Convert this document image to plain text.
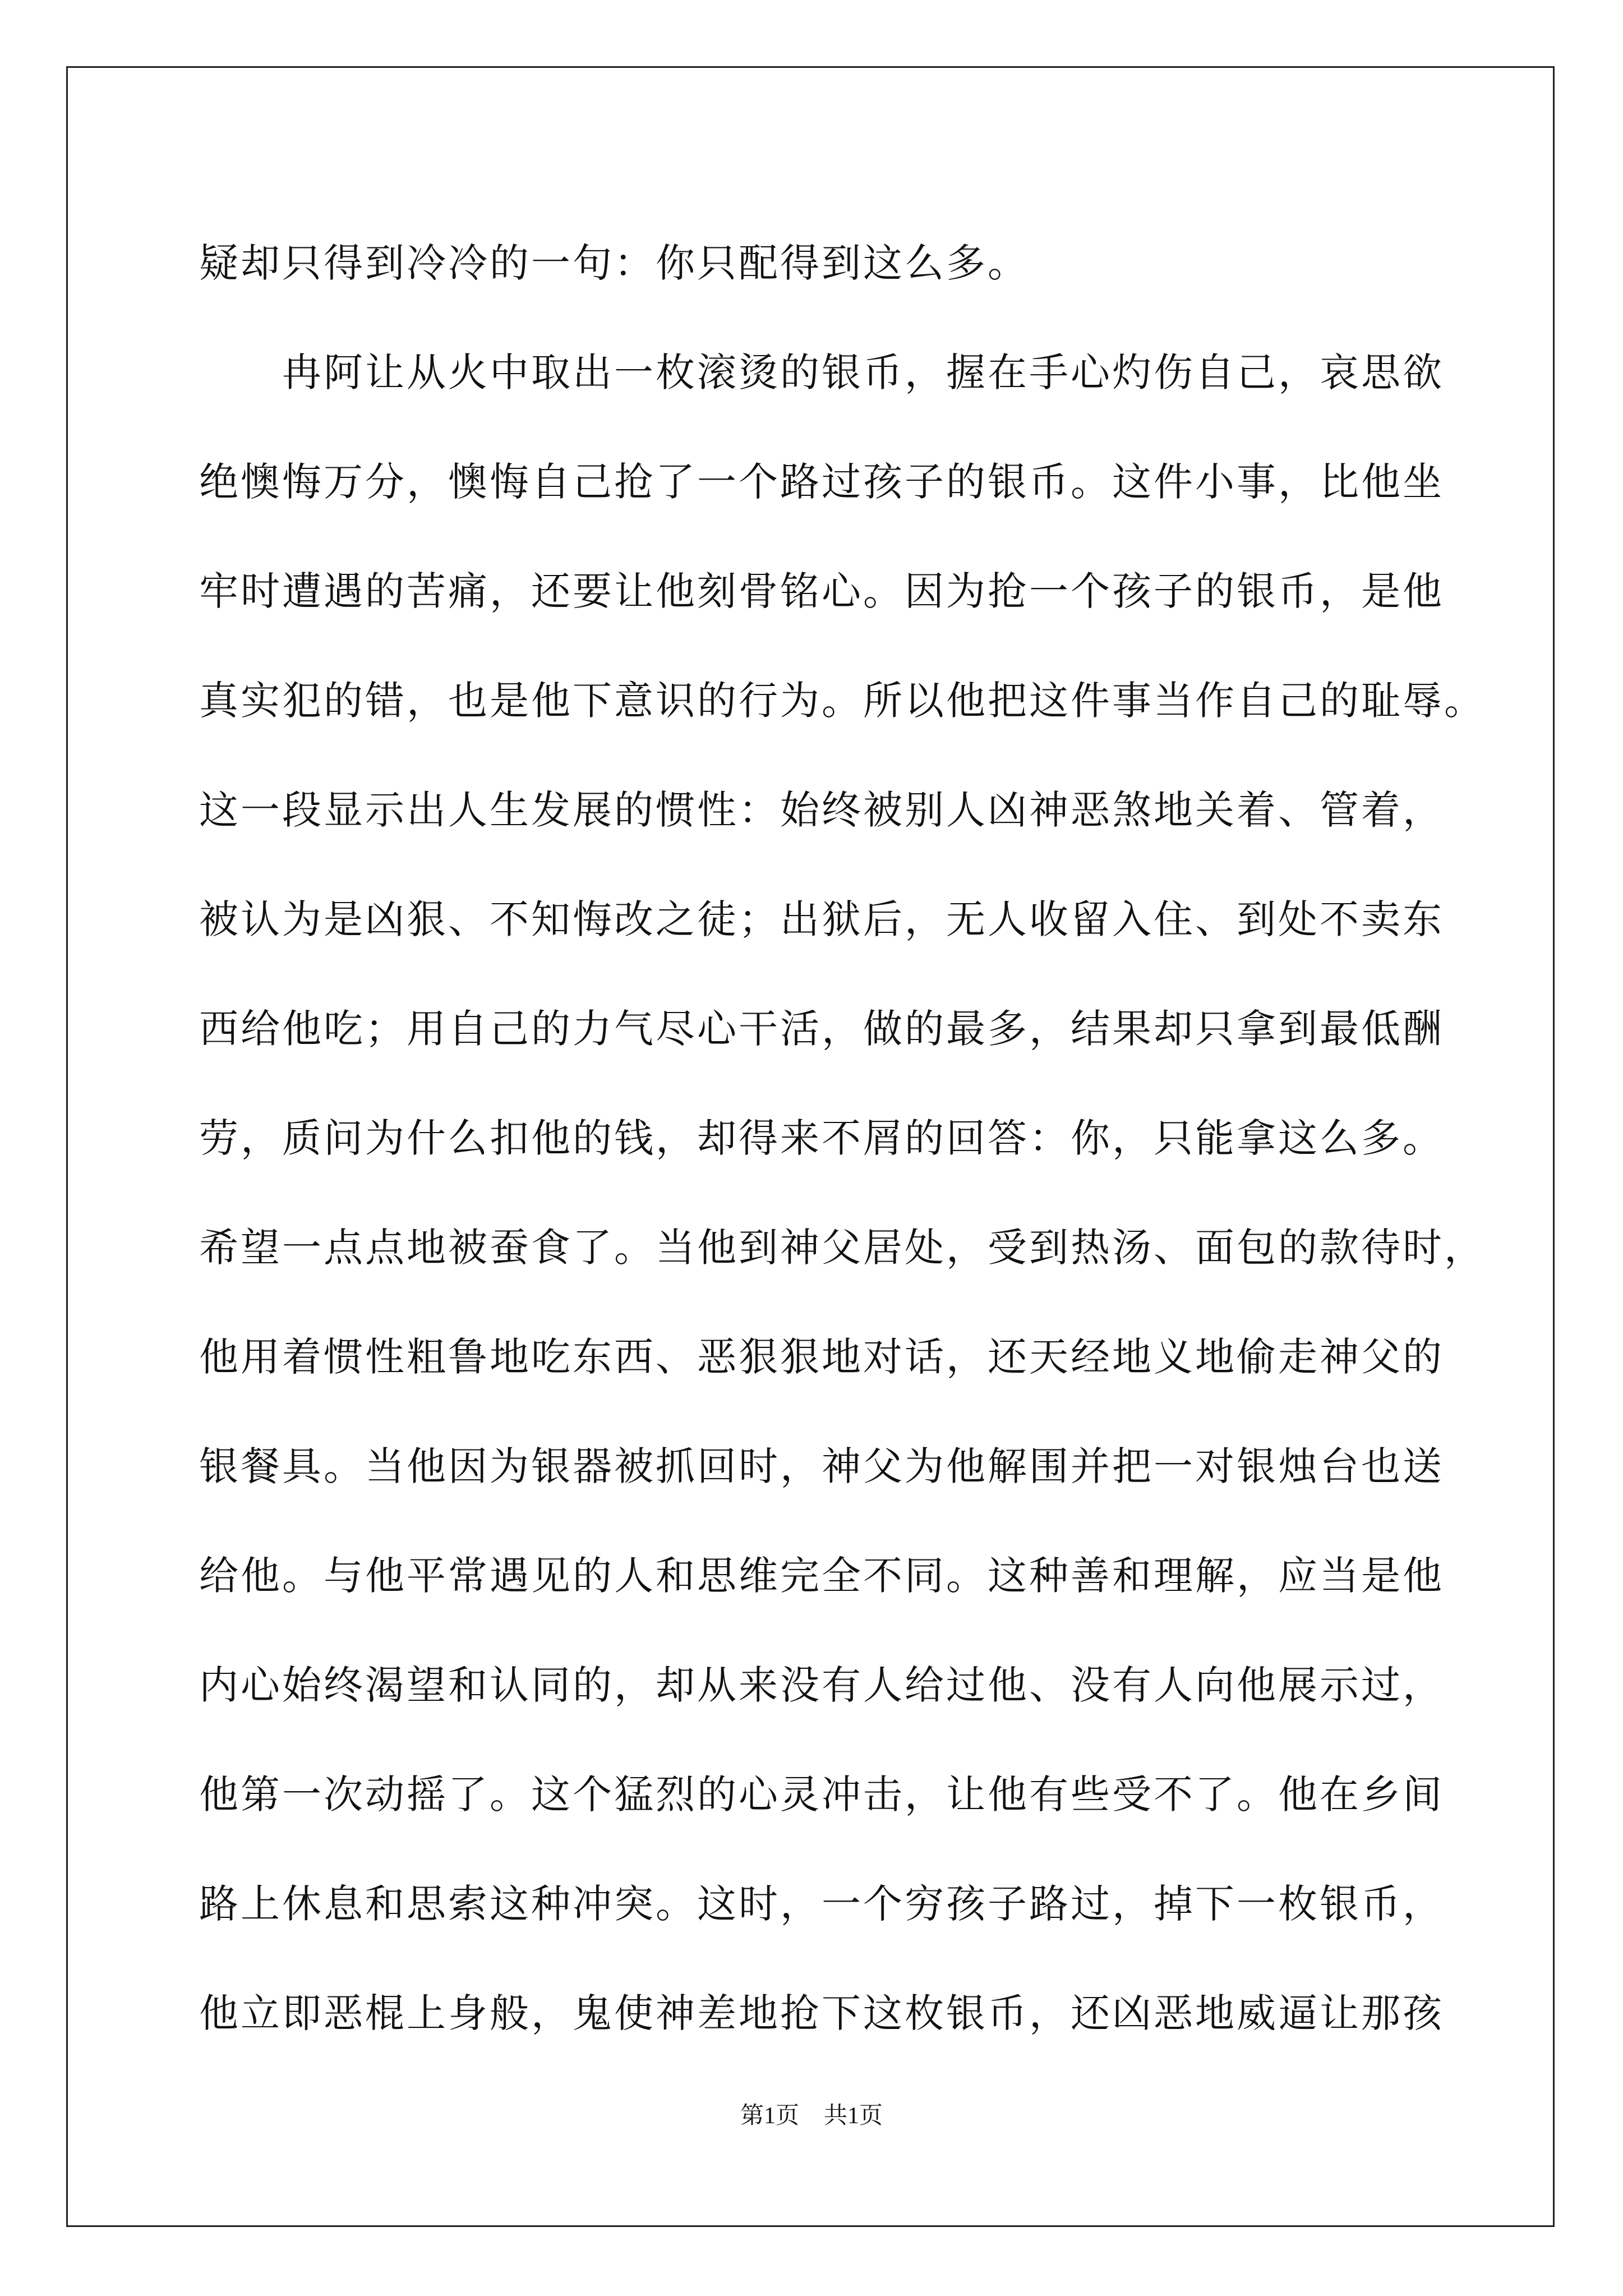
疑却只得到冷冷的一句：你只配得到这么多。
冉阿让从火中取出一枚滚烫的银币，握在手心灼伤自己，哀思欲
绝懊悔万分，懊悔自己抢了一个路过孩子的银币。这件小事，比他坐
牢时遭遇的苦痛，还要让他刻骨铭心。因为抢一个孩子的银币，是他
真实犯的错，也是他下意识的行为。所以他把这件事当作自己的耻辱。
这一段显示出人生发展的惯性：始终被别人凶神恶煞地关着、管着，
被认为是凶狠、不知悔改之徒；出狱后，无人收留入住、到处不卖东
西给他吃；用自己的力气尽心干活，做的最多，结果却只拿到最低酬
劳，质问为什么扣他的钱，却得来不屑的回答：你，只能拿这么多。
希望一点点地被蚕食了。当他到神父居处，受到热汤、面包的款待时，
他用着惯性粗鲁地吃东西、恶狠狠地对话，还天经地义地偷走神父的
银餐具。当他因为银器被抓回时，神父为他解围并把一对银烛台也送
给他。与他平常遇见的人和思维完全不同。这种善和理解，应当是他
内心始终渴望和认同的，却从来没有人给过他、没有人向他展示过，
他第一次动摇了。这个猛烈的心灵冲击，让他有些受不了。他在乡间
路上休息和思索这种冲突。这时，一个穷孩子路过，掉下一枚银币，
他立即恶棍上身般，鬼使神差地抢下这枚银币，还凶恶地威逼让那孩
第1页 共1页
